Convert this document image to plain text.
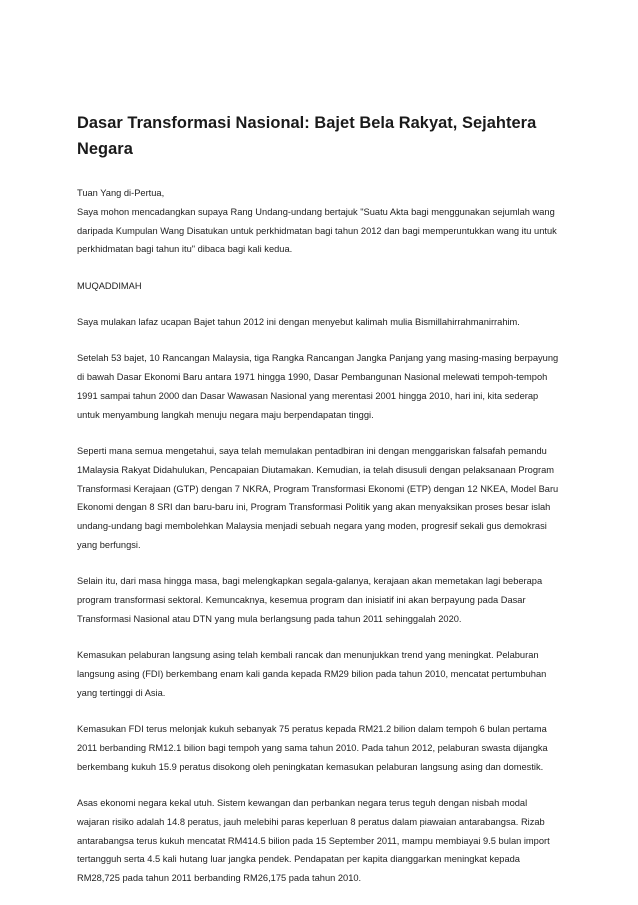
Dasar Transformasi Nasional: Bajet Bela Rakyat, Sejahtera
Negara
Tuan Yang di-Pertua,
Saya mohon mencadangkan supaya Rang Undang-undang bertajuk "Suatu Akta bagi menggunakan sejumlah wang
daripada Kumpulan Wang Disatukan untuk perkhidmatan bagi tahun 2012 dan bagi memperuntukkan wang itu untuk
perkhidmatan bagi tahun itu" dibaca bagi kali kedua.
MUQADDIMAH
Saya mulakan lafaz ucapan Bajet tahun 2012 ini dengan menyebut kalimah mulia Bismillahirrahmanirrahim.
Setelah 53 bajet, 10 Rancangan Malaysia, tiga Rangka Rancangan Jangka Panjang yang masing-masing berpayung
di bawah Dasar Ekonomi Baru antara 1971 hingga 1990, Dasar Pembangunan Nasional melewati tempoh-tempoh
1991 sampai tahun 2000 dan Dasar Wawasan Nasional yang merentasi 2001 hingga 2010, hari ini, kita sederap
untuk menyambung langkah menuju negara maju berpendapatan tinggi.
Seperti mana semua mengetahui, saya telah memulakan pentadbiran ini dengan menggariskan falsafah pemandu
1Malaysia Rakyat Didahulukan, Pencapaian Diutamakan. Kemudian, ia telah disusuli dengan pelaksanaan Program
Transformasi Kerajaan (GTP) dengan 7 NKRA, Program Transformasi Ekonomi (ETP) dengan 12 NKEA, Model Baru
Ekonomi dengan 8 SRI dan baru-baru ini, Program Transformasi Politik yang akan menyaksikan proses besar islah
undang-undang bagi membolehkan Malaysia menjadi sebuah negara yang moden, progresif sekali gus demokrasi
yang berfungsi.
Selain itu, dari masa hingga masa, bagi melengkapkan segala-galanya, kerajaan akan memetakan lagi beberapa
program transformasi sektoral. Kemuncaknya, kesemua program dan inisiatif ini akan berpayung pada Dasar
Transformasi Nasional atau DTN yang mula berlangsung pada tahun 2011 sehinggalah 2020.
Kemasukan pelaburan langsung asing telah kembali rancak dan menunjukkan trend yang meningkat. Pelaburan
langsung asing (FDI) berkembang enam kali ganda kepada RM29 bilion pada tahun 2010, mencatat pertumbuhan
yang tertinggi di Asia.
Kemasukan FDI terus melonjak kukuh sebanyak 75 peratus kepada RM21.2 bilion dalam tempoh 6 bulan pertama
2011 berbanding RM12.1 bilion bagi tempoh yang sama tahun 2010. Pada tahun 2012, pelaburan swasta dijangka
berkembang kukuh 15.9 peratus disokong oleh peningkatan kemasukan pelaburan langsung asing dan domestik.
Asas ekonomi negara kekal utuh. Sistem kewangan dan perbankan negara terus teguh dengan nisbah modal
wajaran risiko adalah 14.8 peratus, jauh melebihi paras keperluan 8 peratus dalam piawaian antarabangsa. Rizab
antarabangsa terus kukuh mencatat RM414.5 bilion pada 15 September 2011, mampu membiayai 9.5 bulan import
tertangguh serta 4.5 kali hutang luar jangka pendek. Pendapatan per kapita dianggarkan meningkat kepada
RM28,725 pada tahun 2011 berbanding RM26,175 pada tahun 2010.
